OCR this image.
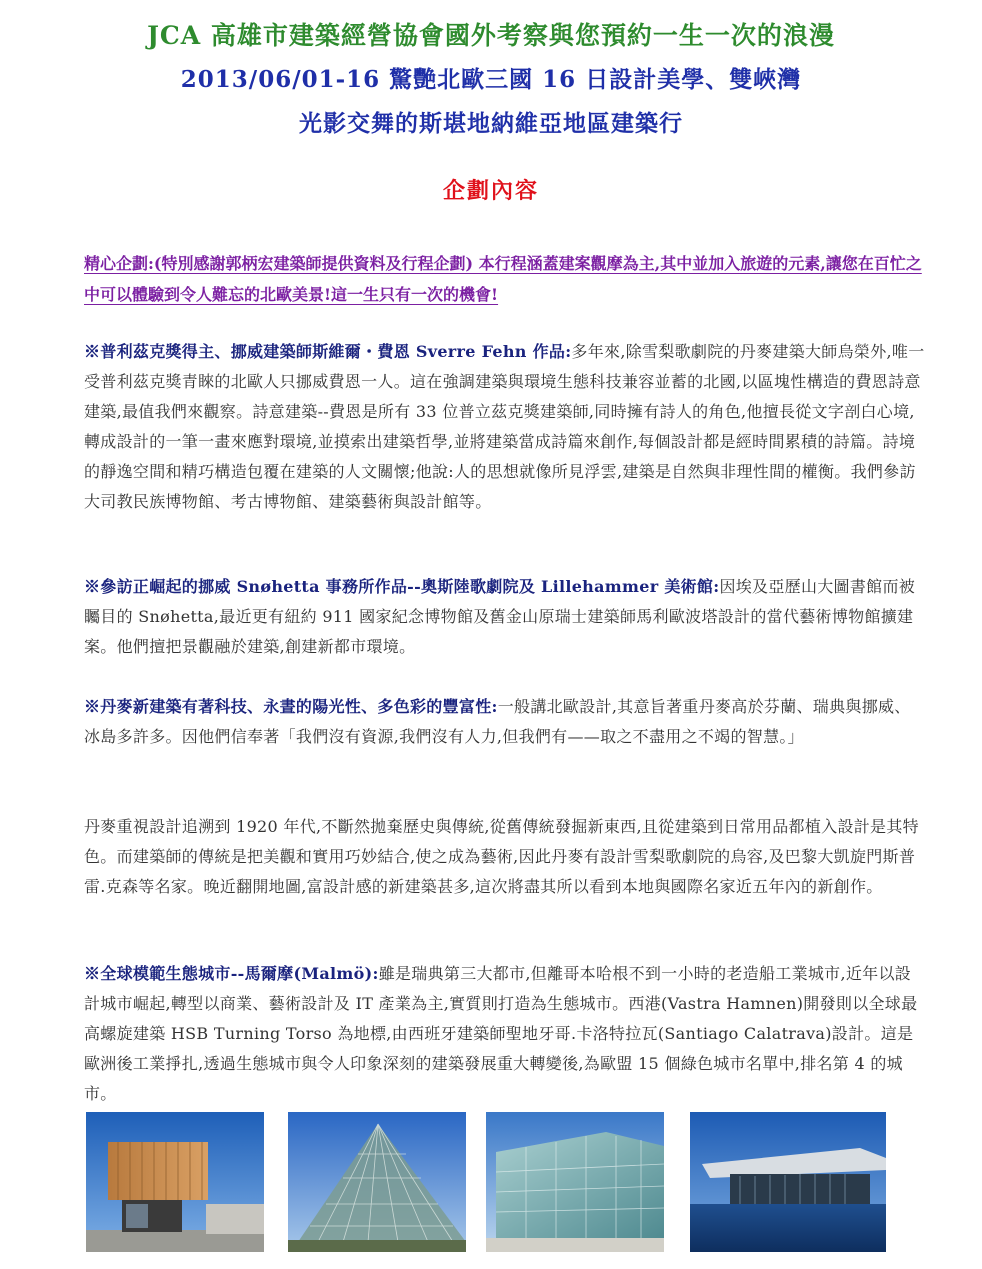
JCA 高雄市建築經營協會國外考察與您預約一生一次的浪漫
2013/06/01-16 驚艷北歐三國 16 日設計美學、雙峽灣
光影交舞的斯堪地納維亞地區建築行
企劃內容
精心企劃:(特別感謝郭柄宏建築師提供資料及行程企劃) 本行程涵蓋建案觀摩為主,其中並加入旅遊的元素,讓您在百忙之中可以體驗到令人難忘的北歐美景!這一生只有一次的機會!
※普利茲克獎得主、挪威建築師斯維爾・費恩 Sverre Fehn 作品:多年來,除雪梨歌劇院的丹麥建築大師烏榮外,唯一受普利茲克獎青睞的北歐人只挪威費恩一人。這在強調建築與環境生態科技兼容並蓄的北國,以區塊性構造的費恩詩意建築,最值我們來觀察。詩意建築--費恩是所有 33 位普立茲克獎建築師,同時擁有詩人的角色,他擅長從文字剖白心境,轉成設計的一筆一畫來應對環境,並摸索出建築哲學,並將建築當成詩篇來創作,每個設計都是經時間累積的詩篇。詩境的靜逸空間和精巧構造包覆在建築的人文關懷;他說:人的思想就像所見浮雲,建築是自然與非理性間的權衡。我們參訪大司教民族博物館、考古博物館、建築藝術與設計館等。
※參訪正崛起的挪威 Snøhetta 事務所作品--奧斯陸歌劇院及 Lillehammer 美術館:因埃及亞歷山大圖書館而被矚目的 Snøhetta,最近更有紐約 911 國家紀念博物館及舊金山原瑞士建築師馬利歐波塔設計的當代藝術博物館擴建案。他們擅把景觀融於建築,創建新都市環境。
※丹麥新建築有著科技、永晝的陽光性、多色彩的豐富性:一般講北歐設計,其意旨著重丹麥高於芬蘭、瑞典與挪威、冰島多許多。因他們信奉著「我們沒有資源,我們沒有人力,但我們有——取之不盡用之不竭的智慧。」
丹麥重視設計追溯到 1920 年代,不斷然拋棄歷史與傳統,從舊傳統發掘新東西,且從建築到日常用品都植入設計是其特色。而建築師的傳統是把美觀和實用巧妙結合,使之成為藝術,因此丹麥有設計雪梨歌劇院的烏容,及巴黎大凱旋門斯普雷.克森等名家。晚近翻開地圖,富設計感的新建築甚多,這次將盡其所以看到本地與國際名家近五年內的新創作。
※全球模範生態城市--馬爾摩(Malmö):雖是瑞典第三大都市,但離哥本哈根不到一小時的老造船工業城市,近年以設計城市崛起,轉型以商業、藝術設計及 IT 產業為主,實質則打造為生態城市。西港(Vastra Hamnen)開發則以全球最高螺旋建築 HSB Turning Torso 為地標,由西班牙建築師聖地牙哥.卡洛特拉瓦(Santiago Calatrava)設計。這是歐洲後工業掙扎,透過生態城市與令人印象深刻的建築發展重大轉變後,為歐盟 15 個綠色城市名單中,排名第 4 的城市。
